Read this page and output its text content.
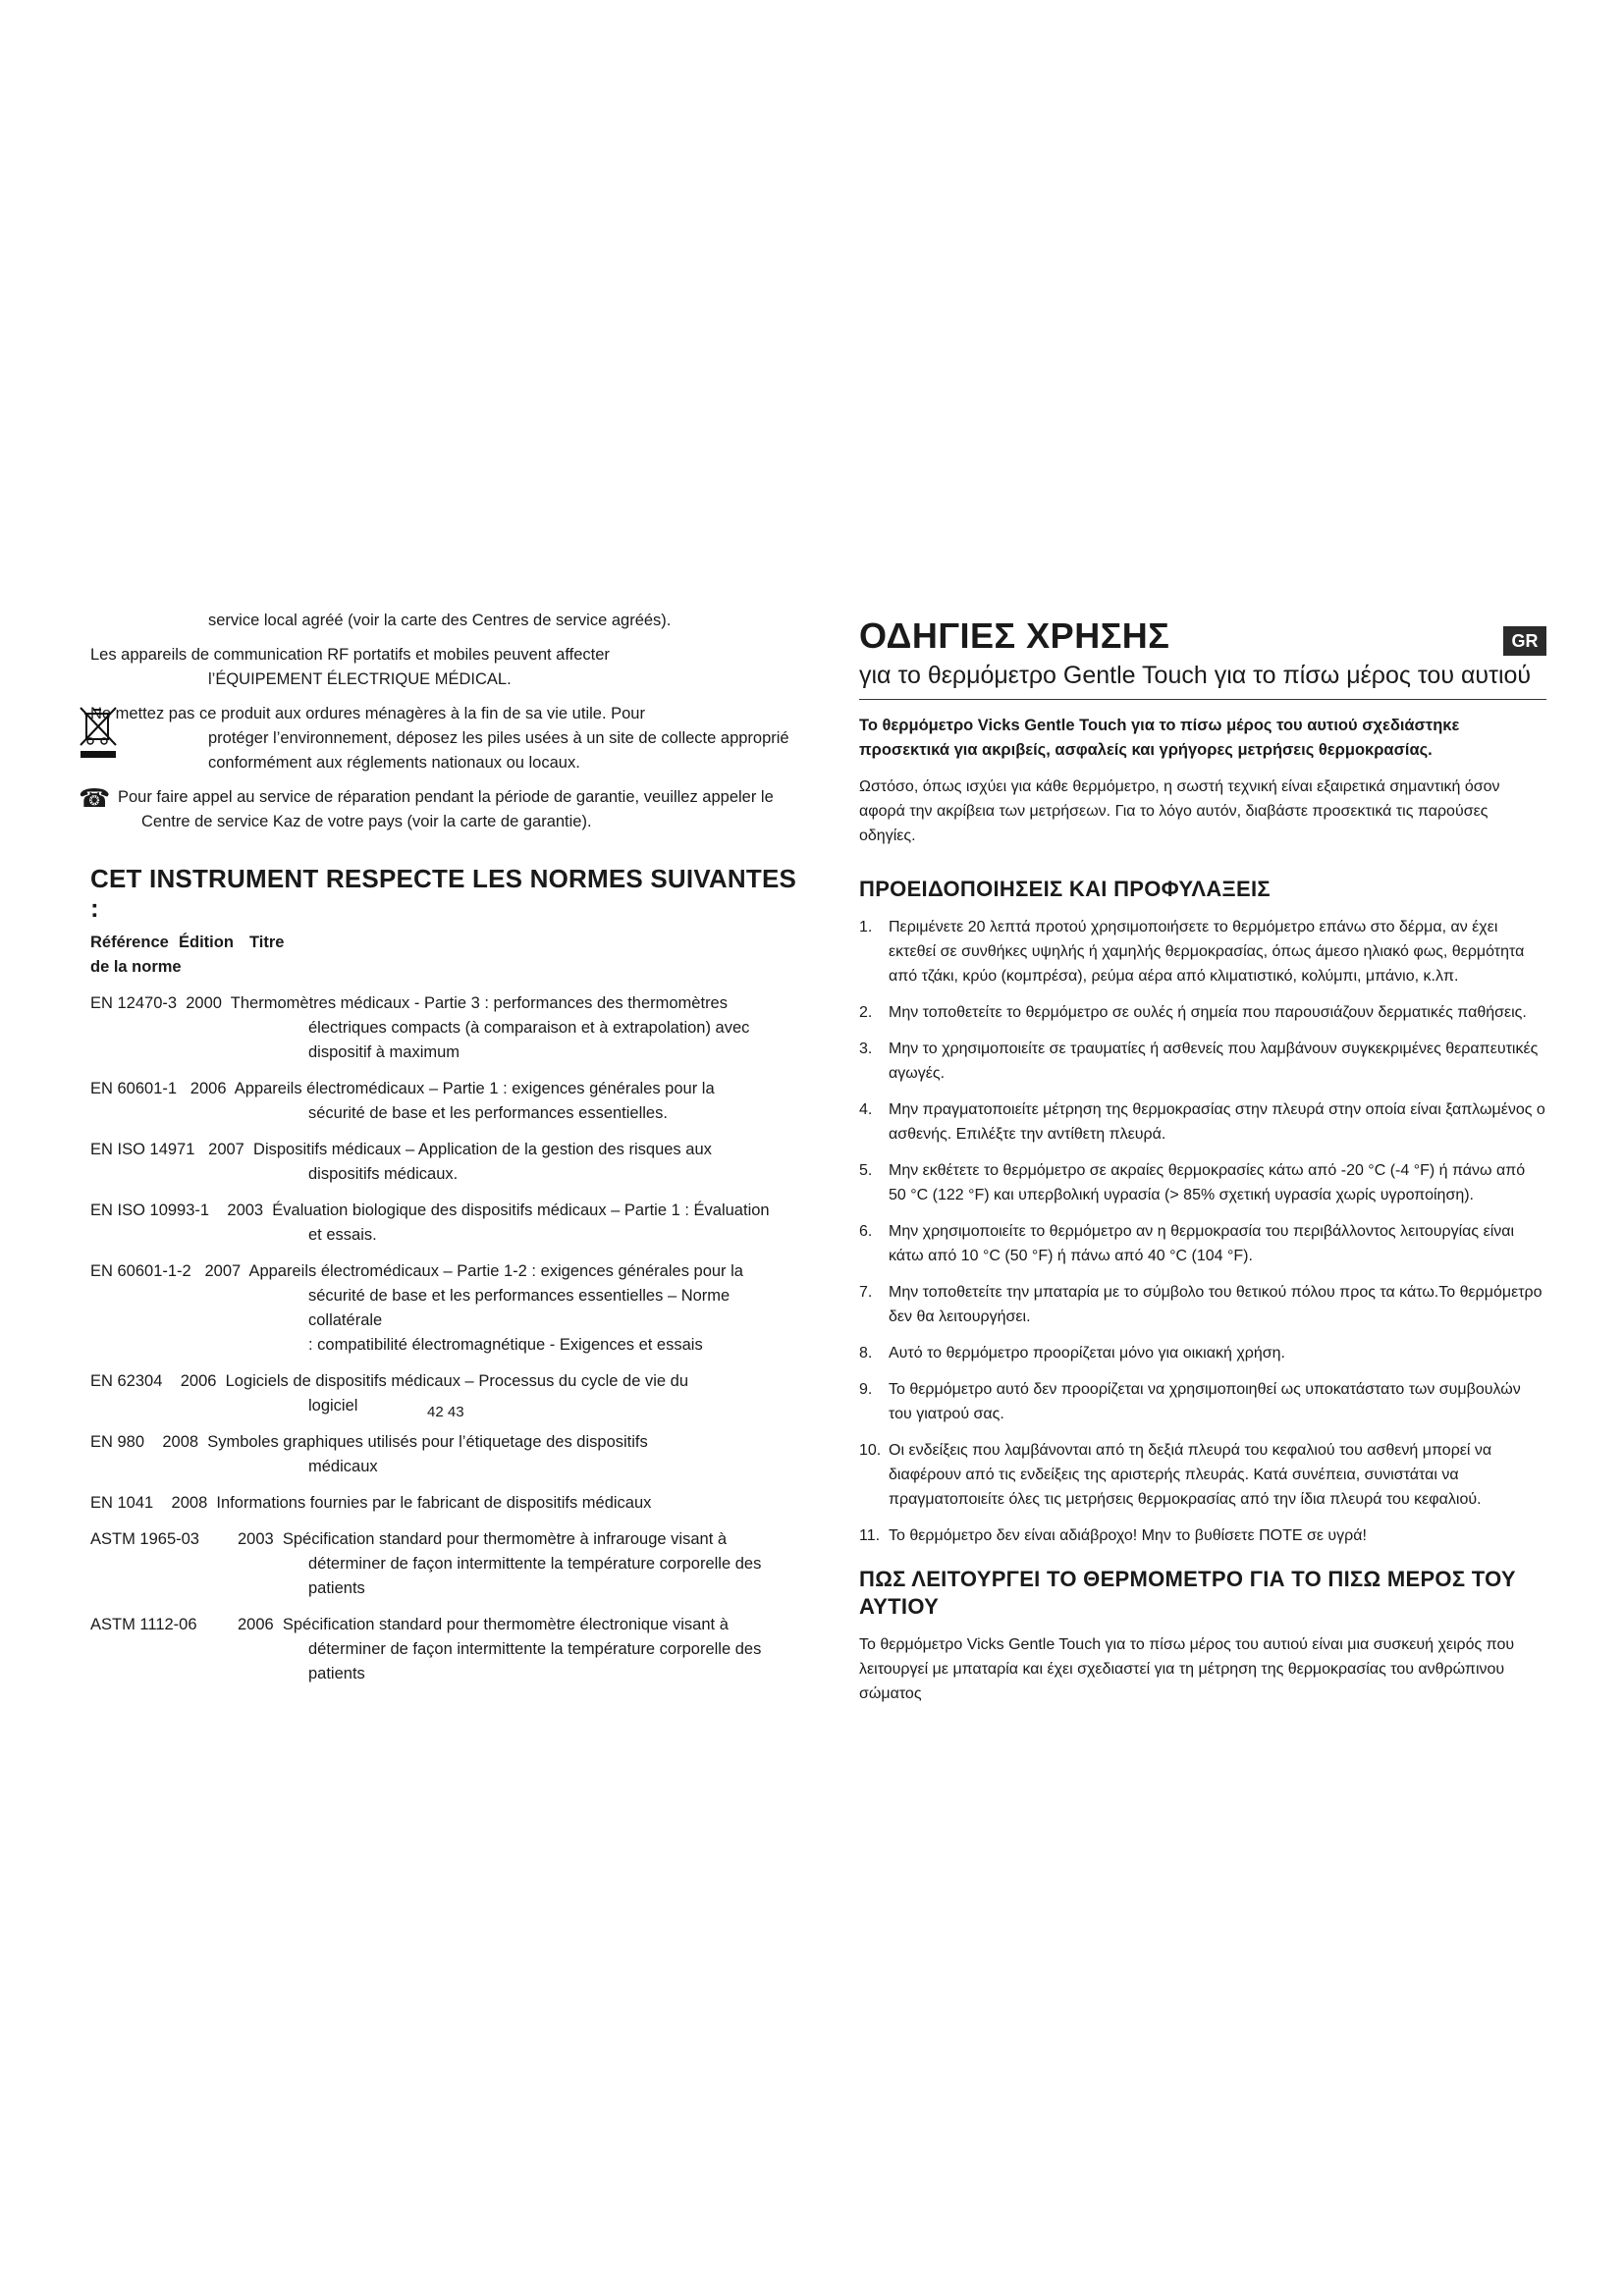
service local agréé (voir la carte des Centres de service agréés).
Les appareils de communication RF portatifs et mobiles peuvent affecter
l’ÉQUIPEMENT ÉLECTRIQUE MÉDICAL.
Ne mettez pas ce produit aux ordures ménagères à la fin de sa vie utile. Pour
protéger l’environnement, déposez les piles usées à un site de collecte approprié
conformément aux réglements nationaux ou locaux.
☎ Pour faire appel au service de réparation pendant la période de garantie, veuillez appeler le
Centre de service Kaz de votre pays (voir la carte de garantie).
CET INSTRUMENT RESPECTE LES NORMES SUIVANTES :
Référence Édition Titre
de la norme
EN 12470-3  2000  Thermomètres médicaux - Partie 3 : performances des thermomètres
électriques compacts (à comparaison et à extrapolation) avec
dispositif à maximum
EN 60601-1   2006  Appareils électromédicaux – Partie 1 : exigences générales pour la
sécurité de base et les performances essentielles.
EN ISO 14971   2007  Dispositifs médicaux – Application de la gestion des risques aux
dispositifs médicaux.
EN ISO 10993-1    2003  Évaluation biologique des dispositifs médicaux – Partie 1 : Évaluation
et essais.
EN 60601-1-2   2007  Appareils électromédicaux – Partie 1-2 : exigences générales pour la
sécurité de base et les performances essentielles – Norme collatérale
: compatibilité électromagnétique - Exigences et essais
EN 62304    2006  Logiciels de dispositifs médicaux – Processus du cycle de vie du
logiciel
EN 980    2008  Symboles graphiques utilisés pour l’étiquetage des dispositifs
médicaux
EN 1041    2008  Informations fournies par le fabricant de dispositifs médicaux
ASTM 1965-03	2003  Spécification standard pour thermomètre à infrarouge visant à
déterminer de façon intermittente la température corporelle des
patients
ASTM 1112-06	2006  Spécification standard pour thermomètre électronique visant à
déterminer de façon intermittente la température corporelle des patients
42 43
ΟΔΗΓΙΕΣ ΧΡΗΣΗΣ	GR
για το θερμόμετρο Gentle Touch για το πίσω μέρος του αυτιού
Το θερμόμετρο Vicks Gentle Touch για το πίσω μέρος του αυτιού σχεδιάστηκε προσεκτικά για ακριβείς, ασφαλείς και γρήγορες μετρήσεις θερμοκρασίας.
Ωστόσο, όπως ισχύει για κάθε θερμόμετρο, η σωστή τεχνική είναι εξαιρετικά σημαντική όσον αφορά την ακρίβεια των μετρήσεων. Για το λόγο αυτόν, διαβάστε προσεκτικά τις παρούσες οδηγίες.
ΠΡΟΕΙΔΟΠΟΙΗΣΕΙΣ ΚΑΙ ΠΡΟΦΥΛΑΞΕΙΣ
1. Περιμένετε 20 λεπτά προτού χρησιμοποιήσετε το θερμόμετρο επάνω στο δέρμα, αν έχει εκτεθεί σε συνθήκες υψηλής ή χαμηλής θερμοκρασίας, όπως άμεσο ηλιακό φως, θερμότητα από τζάκι, κρύο (κομπρέσα), ρεύμα αέρα από κλιματιστικό, κολύμπι, μπάνιο, κ.λπ.
2. Μην τοποθετείτε το θερμόμετρο σε ουλές ή σημεία που παρουσιάζουν δερματικές παθήσεις.
3. Μην το χρησιμοποιείτε σε τραυματίες ή ασθενείς που λαμβάνουν συγκεκριμένες θεραπευτικές αγωγές.
4. Μην πραγματοποιείτε μέτρηση της θερμοκρασίας στην πλευρά στην οποία είναι ξαπλωμένος ο ασθενής. Επιλέξτε την αντίθετη πλευρά.
5. Μην εκθέτετε το θερμόμετρο σε ακραίες θερμοκρασίες κάτω από -20 °C (-4 °F) ή πάνω από 50 °C (122 °F) και υπερβολική υγρασία (> 85% σχετική υγρασία χωρίς υγροποίηση).
6. Μην χρησιμοποιείτε το θερμόμετρο αν η θερμοκρασία του περιβάλλοντος λειτουργίας είναι κάτω από 10 °C (50 °F) ή πάνω από 40 °C (104 °F).
7. Μην τοποθετείτε την μπαταρία με το σύμβολο του θετικού πόλου προς τα κάτω.Το θερμόμετρο δεν θα λειτουργήσει.
8. Αυτό το θερμόμετρο προορίζεται μόνο για οικιακή χρήση.
9. Το θερμόμετρο αυτό δεν προορίζεται να χρησιμοποιηθεί ως υποκατάστατο των συμβουλών του γιατρού σας.
10. Οι ενδείξεις που λαμβάνονται από τη δεξιά πλευρά του κεφαλιού του ασθενή μπορεί να διαφέρουν από τις ενδείξεις της αριστερής πλευράς. Κατά συνέπεια, συνιστάται να πραγματοποιείτε όλες τις μετρήσεις θερμοκρασίας από την ίδια πλευρά του κεφαλιού.
11. Το θερμόμετρο δεν είναι αδιάβροχο! Μην το βυθίσετε ΠΟΤΕ σε υγρά!
ΠΩΣ ΛΕΙΤΟΥΡΓΕΙ ΤΟ ΘΕΡΜΟΜΕΤΡΟ ΓΙΑ ΤΟ ΠΙΣΩ ΜΕΡΟΣ ΤΟΥ ΑΥΤΙΟΥ
Το θερμόμετρο Vicks Gentle Touch για το πίσω μέρος του αυτιού είναι μια συσκευή χειρός που λειτουργεί με μπαταρία και έχει σχεδιαστεί για τη μέτρηση της θερμοκρασίας του ανθρώπινου σώματος
